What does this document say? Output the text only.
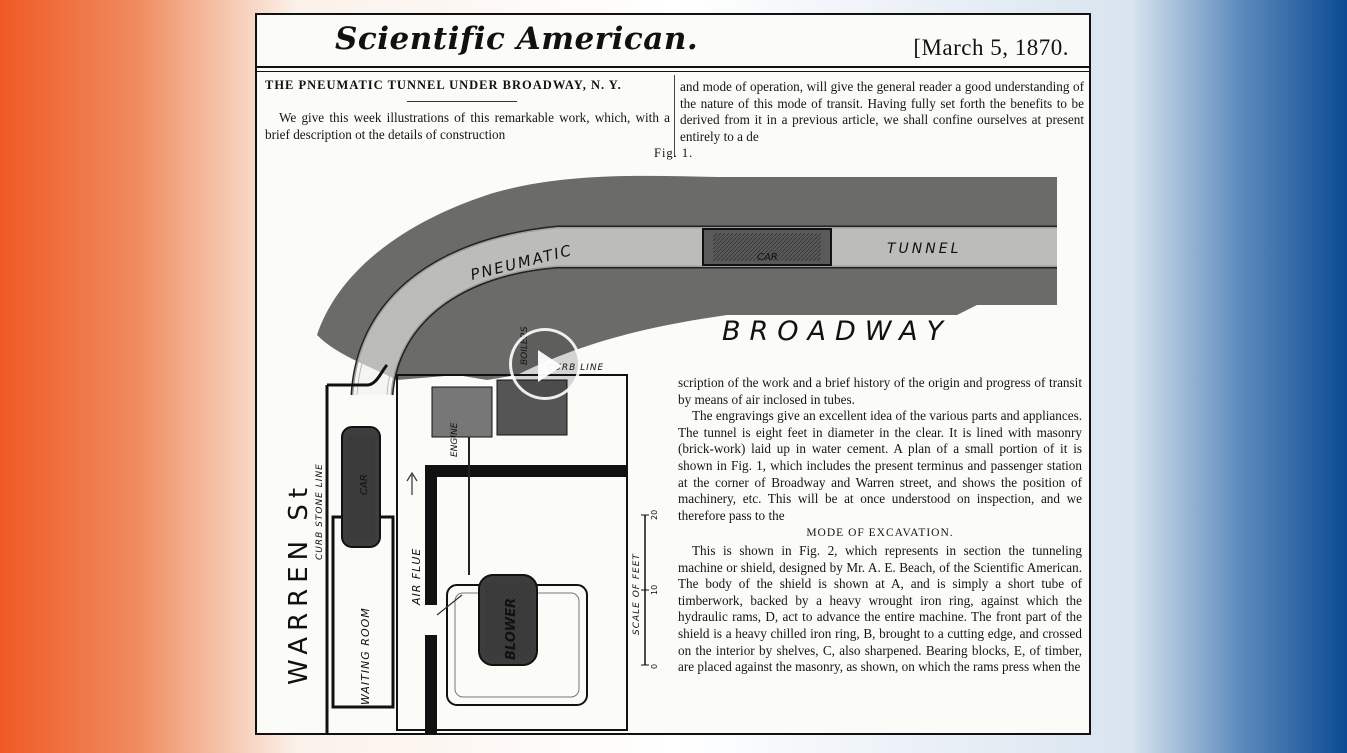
Scientific American.	[March 5, 1870.
THE PNEUMATIC TUNNEL UNDER BROADWAY, N. Y.
We give this week illustrations of this remarkable work, which, with a brief description ot the details of construction
and mode of operation, will give the general reader a good understanding of the nature of this mode of transit. Having fully set forth the benefits to be derived from it in a previous article, we shall confine ourselves at present entirely to a de
Fig. 1.
CAR
TUNNEL
PNEUMATIC
BROADWAY
CAR
BOILERS
CURB LINE
ENGINE
BLOWER
AIR FLUE
CURB STONE LINE
WARREN St	WAITING ROOM
SCALE OF FEET
0
10
20

scription of the work and a brief history of the origin and progress of transit by means of air inclosed in tubes.

The engravings give an excellent idea of the various parts and appliances. The tunnel is eight feet in diameter in the clear. It is lined with masonry (brick-work) laid up in water cement. A plan of a small portion of it is shown in Fig. 1, which includes the present terminus and passenger station at the corner of Broadway and Warren street, and shows the position of machinery, etc. This will be at once understood on inspection, and we therefore pass to the

MODE OF EXCAVATION.

This is shown in Fig. 2, which represents in section the tunneling machine or shield, designed by Mr. A. E. Beach, of the Scientific American. The body of the shield is shown at A, and is simply a short tube of timberwork, backed by a heavy wrought iron ring, against which the hydraulic rams, D, act to advance the entire machine. The front part of the shield is a heavy chilled iron ring, B, brought to a cutting edge, and crossed on the interior by shelves, C, also sharpened. Bearing blocks, E, of timber, are placed against the masonry, as shown, on which the rams press when the
